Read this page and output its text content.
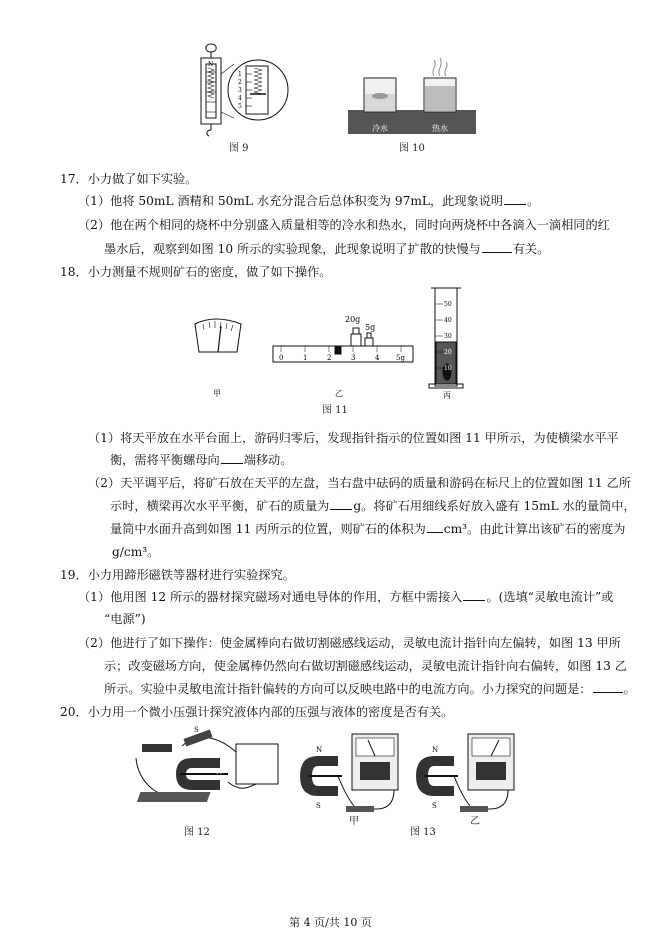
N
1
2
3
4
5
图 9
冷水	热水
图 10
17．小力做了如下实验。
（1）他将 50mL 酒精和 50mL 水充分混合后总体积变为 97mL，此现象说明 。
（2）他在两个相同的烧杯中分别盛入质量相等的冷水和热水，同时向两烧杯中各滴入一滴相同的红
墨水后，观察到如图 10 所示的实验现象，此现象说明了扩散的快慢与	有关。
18．小力测量不规则矿石的密度，做了如下操作。
甲
20g
5g
0	1	2	3	4 5g
乙
50
40
30
20
10
丙
图 11
（1）将天平放在水平台面上，游码归零后，发现指针指示的位置如图 11 甲所示，为使横梁水平平
衡，需将平衡螺母向 端移动。
（2）天平调平后，将矿石放在天平的左盘，当右盘中砝码的质量和游码在标尺上的位置如图 11 乙所
示时，横梁再次水平平衡，矿石的质量为 g。将矿石用细线系好放入盛有 15mL 水的量筒中，
量筒中水面升高到如图 11 丙所示的位置，则矿石的体积为 cm³。由此计算出该矿石的密度为
g/cm³。
19．小力用蹄形磁铁等器材进行实验探究。
（1）他用图 12 所示的器材探究磁场对通电导体的作用，方框中需接入 。(选填“灵敏电流计”或
“电源”)
（2）他进行了如下操作：使金属棒向右做切割磁感线运动，灵敏电流计指针向左偏转，如图 13 甲所
示；改变磁场方向，使金属棒仍然向右做切割磁感线运动，灵敏电流计指针向右偏转，如图 13 乙
所示。实验中灵敏电流计指针偏转的方向可以反映电路中的电流方向。小力探究的问题是：	。
20．小力用一个微小压强计探究液体内部的压强与液体的密度是否有关。
S
N
图 12
N
S
N
S
甲
图 13
乙
第 4 页/共 10 页
